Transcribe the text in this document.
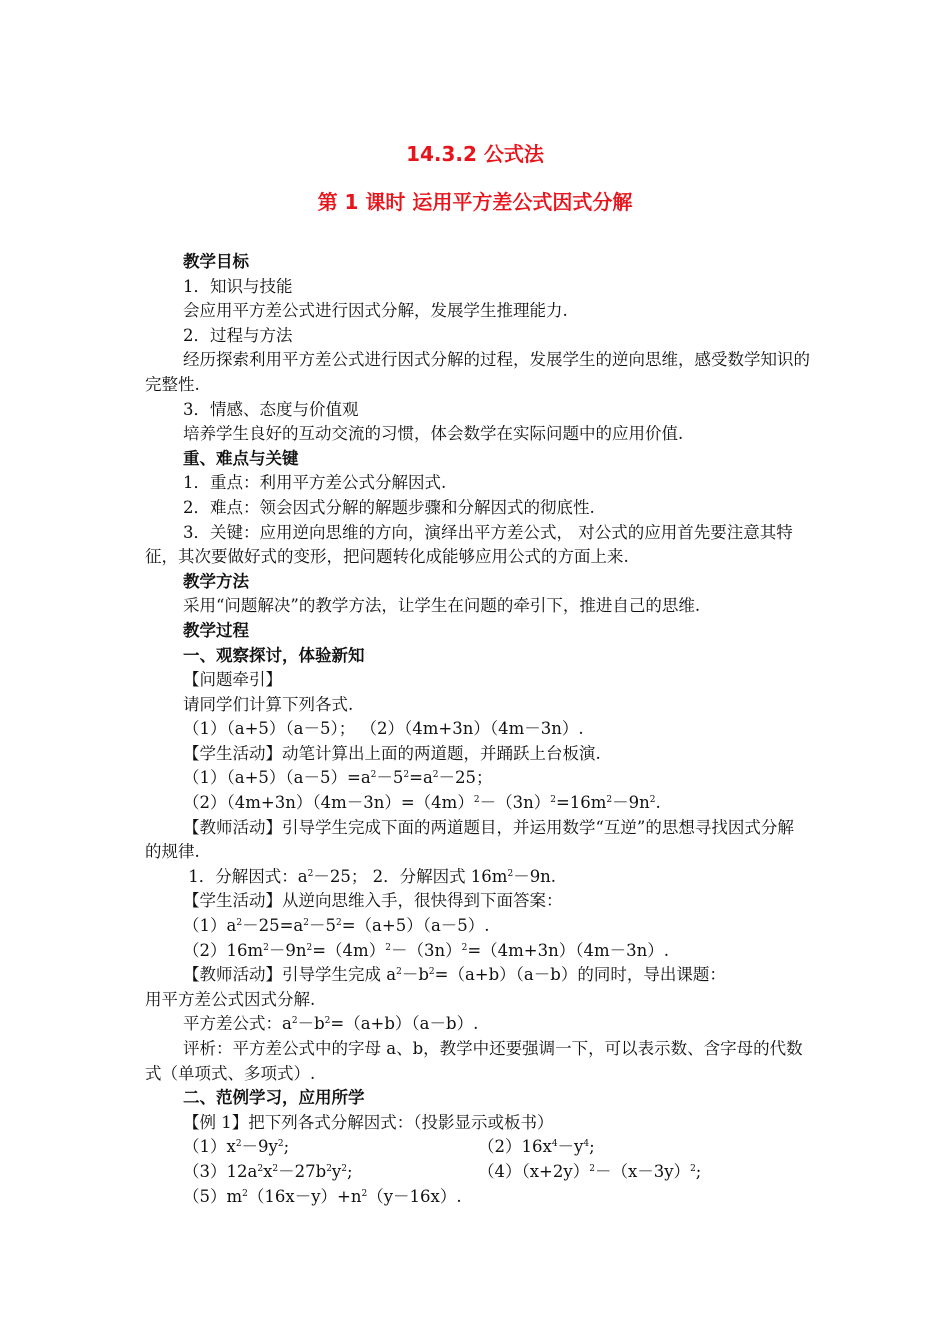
14.3.2 公式法
第 1 课时 运用平方差公式因式分解

教学目标

1．知识与技能

会应用平方差公式进行因式分解，发展学生推理能力.

2．过程与方法

经历探索利用平方差公式进行因式分解的过程，发展学生的逆向思维，感受数学知识的完整性.

3．情感、态度与价值观

培养学生良好的互动交流的习惯，体会数学在实际问题中的应用价值.

重、难点与关键

1．重点：利用平方差公式分解因式.

2．难点：领会因式分解的解题步骤和分解因式的彻底性.

3．关键：应用逆向思维的方向，演绎出平方差公式， 对公式的应用首先要注意其特征，其次要做好式的变形，把问题转化成能够应用公式的方面上来.

教学方法

采用“问题解决”的教学方法，让学生在问题的牵引下，推进自己的思维.

教学过程

一、观察探讨，体验新知

【问题牵引】

请同学们计算下列各式.

（1）（a+5）（a－5）； （2）（4m+3n）（4m－3n）.

【学生活动】动笔计算出上面的两道题，并踊跃上台板演.

$(1)(a+5)(a-5)=a^2-5^2=a^2-25$；

$(2)(4m+3n)(4m-3n)=(4m)^2-(3n)^2=16m^2-9n^2$.

【教师活动】引导学生完成下面的两道题目，并运用数学“互逆”的思想寻找因式分解的规律.

1．分解因式：$a^2-25$； 2．分解因式 $16m^2-9n$.

【学生活动】从逆向思维入手，很快得到下面答案：

$(1)a^2-25=a^2-5^2=(a+5)(a-5)$.

$(2)16m^2-9n^2=(4m)^2-(3n)^2=(4m+3n)(4m-3n)$.

【教师活动】引导学生完成 $a^2-b^2=(a+b)(a-b)$的同时，导出课题：

用平方差公式因式分解.

平方差公式：$a^2-b^2=(a+b)(a-b)$.

评析：平方差公式中的字母 a、b，教学中还要强调一下，可以表示数、含字母的代数式（单项式、多项式）.

二、范例学习，应用所学

【例 1】把下列各式分解因式：（投影显示或板书）

$(1)x^2-9y^2$;	$(2)16x^4-y^4$;

$(3)12a^2x^2-27b^2y^2$;	$(4)(x+2y)^2-(x-3y)^2$;

$(5)m^2(16x-y)+n^2(y-16x)$.
